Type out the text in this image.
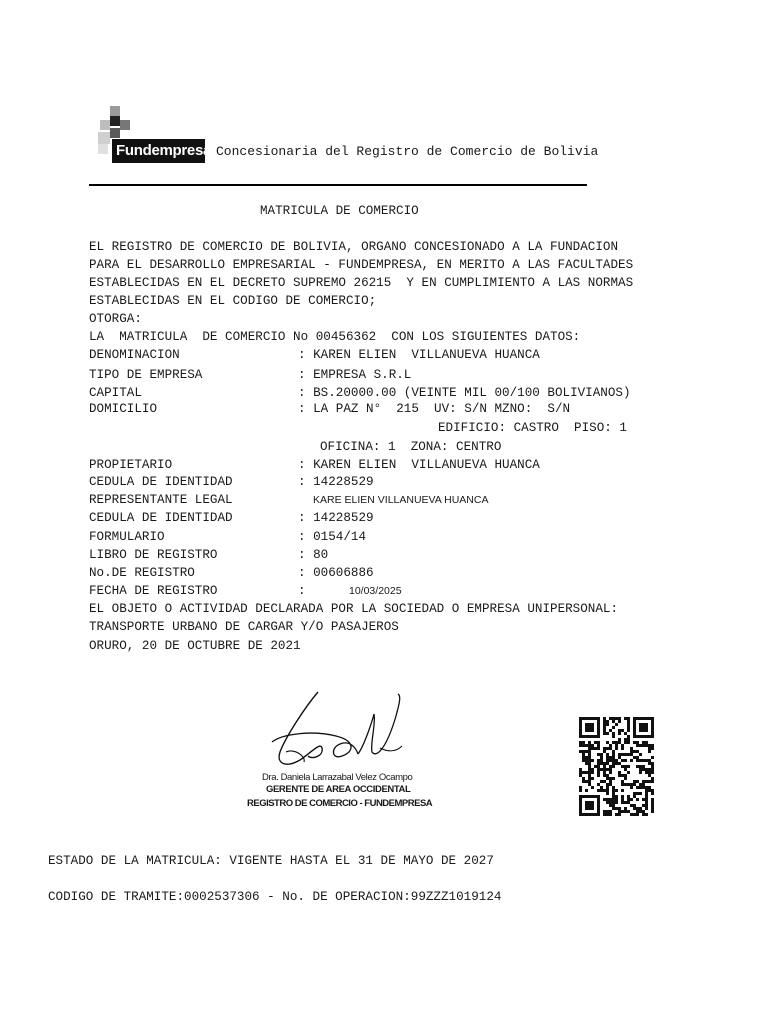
Fundempresa Concesionaria del Registro de Comercio de Bolivia
MATRICULA DE COMERCIO
EL REGISTRO DE COMERCIO DE BOLIVIA, ORGANO CONCESIONADO A LA FUNDACION
PARA EL DESARROLLO EMPRESARIAL - FUNDEMPRESA, EN MERITO A LAS FACULTADES
ESTABLECIDAS EN EL DECRETO SUPREMO 26215  Y EN CUMPLIMIENTO A LAS NORMAS
ESTABLECIDAS EN EL CODIGO DE COMERCIO;
OTORGA:
LA  MATRICULA  DE COMERCIO No 00456362  CON LOS SIGUIENTES DATOS:
DENOMINACION	: KAREN ELIEN  VILLANUEVA HUANCA
TIPO DE EMPRESA	: EMPRESA S.R.L
CAPITAL	: BS.20000.00 (VEINTE MIL 00/100 BOLIVIANOS)
DOMICILIO	: LA PAZ N°  215  UV: S/N MZNO:  S/N
EDIFICIO: CASTRO  PISO: 1
OFICINA: 1  ZONA: CENTRO
PROPIETARIO	: KAREN ELIEN  VILLANUEVA HUANCA
CEDULA DE IDENTIDAD	: 14228529
REPRESENTANTE LEGAL	KARE ELIEN VILLANUEVA HUANCA
CEDULA DE IDENTIDAD	: 14228529
FORMULARIO	: 0154/14
LIBRO DE REGISTRO	: 80
No.DE REGISTRO	: 00606886
FECHA DE REGISTRO	:	10/03/2025
EL OBJETO O ACTIVIDAD DECLARADA POR LA SOCIEDAD O EMPRESA UNIPERSONAL:
TRANSPORTE URBANO DE CARGAR Y/O PASAJEROS
ORURO, 20 DE OCTUBRE DE 2021
Dra. Daniela Larrazabal Velez Ocampo
GERENTE DE AREA OCCIDENTAL
REGISTRO DE COMERCIO - FUNDEMPRESA
ESTADO DE LA MATRICULA: VIGENTE HASTA EL 31 DE MAYO DE 2027
CODIGO DE TRAMITE:0002537306 - No. DE OPERACION:99ZZZ1019124
